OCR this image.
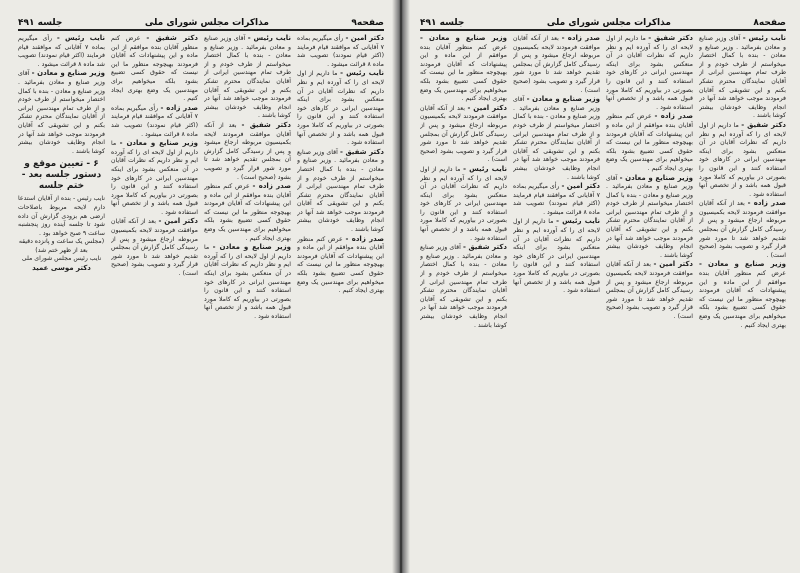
صفحه۸
مذاکرات مجلس شورای ملی
جلسه ۴۹۱

نایب رئیس - آقای وزیر صنایع و معادن بفرمائید . وزیر صنایع و معادن - بنده با کمال اختصار میخواستم از طرف خودم و از طرف تمام مهندسین ایرانی از آقایان نمایندگان محترم تشکر بکنم و این تشویقی که آقایان فرمودند موجب خواهد شد آنها در انجام وظایف خودشان بیشتر کوشا باشند .

دکتر شفیق - ما داریم از اول لایحه ای را که آورده ایم و نظر داریم که نظرات آقایان در آن منعکس بشود برای اینکه مهندسین ایرانی در کارهای خود استفاده کنند و این قانون را بصورتی در بیاوریم که کاملا مورد قبول همه باشد و از تخصص آنها استفاده شود .

صدر زاده - بعد از آنکه آقایان موافقت فرمودند لایحه بکمیسیون مربوطه ارجاع میشود و پس از رسیدگی کامل گزارش آن بمجلس تقدیم خواهد شد تا مورد شور قرار گیرد و تصویب بشود (صحیح است) .

وزیر صنایع و معادن - عرض کنم منظور آقایان بنده موافقم از این ماده و این پیشنهادات که آقایان فرمودند بهیچوجه منظور ما این نیست که حقوق کسی تضییع بشود بلکه میخواهیم برای مهندسین یک وضع بهتری ایجاد کنیم .

دکتر شفیق - ما داریم از اول لایحه ای را که آورده ایم و نظر داریم که نظرات آقایان در آن منعکس بشود برای اینکه مهندسین ایرانی در کارهای خود استفاده کنند و این قانون را بصورتی در بیاوریم که کاملا مورد قبول همه باشد و از تخصص آنها استفاده شود .

صدر زاده - عرض کنم منظور آقایان بنده موافقم از این ماده و این پیشنهادات که آقایان فرمودند بهیچوجه منظور ما این نیست که حقوق کسی تضییع بشود بلکه میخواهیم برای مهندسین یک وضع بهتری ایجاد کنیم .

وزیر صنایع و معادن - آقای وزیر صنایع و معادن بفرمائید . وزیر صنایع و معادن - بنده با کمال اختصار میخواستم از طرف خودم و از طرف تمام مهندسین ایرانی از آقایان نمایندگان محترم تشکر بکنم و این تشویقی که آقایان فرمودند موجب خواهد شد آنها در انجام وظایف خودشان بیشتر کوشا باشند .

دکتر امین - بعد از آنکه آقایان موافقت فرمودند لایحه بکمیسیون مربوطه ارجاع میشود و پس از رسیدگی کامل گزارش آن بمجلس تقدیم خواهد شد تا مورد شور قرار گیرد و تصویب بشود (صحیح است) .

صدر زاده - بعد از آنکه آقایان موافقت فرمودند لایحه بکمیسیون مربوطه ارجاع میشود و پس از رسیدگی کامل گزارش آن بمجلس تقدیم خواهد شد تا مورد شور قرار گیرد و تصویب بشود (صحیح است) .

وزیر صنایع و معادن - آقای وزیر صنایع و معادن بفرمائید . وزیر صنایع و معادن - بنده با کمال اختصار میخواستم از طرف خودم و از طرف تمام مهندسین ایرانی از آقایان نمایندگان محترم تشکر بکنم و این تشویقی که آقایان فرمودند موجب خواهد شد آنها در انجام وظایف خودشان بیشتر کوشا باشند .

دکتر امین - رأی میگیریم بماده ۷ آقایانی که موافقند قیام فرمایند (اکثر قیام نمودند) تصویب شد ماده ۸ قرائت میشود .

نایب رئیس - ما داریم از اول لایحه ای را که آورده ایم و نظر داریم که نظرات آقایان در آن منعکس بشود برای اینکه مهندسین ایرانی در کارهای خود استفاده کنند و این قانون را بصورتی در بیاوریم که کاملا مورد قبول همه باشد و از تخصص آنها استفاده شود .

وزیر صنایع و معادن - عرض کنم منظور آقایان بنده موافقم از این ماده و این پیشنهادات که آقایان فرمودند بهیچوجه منظور ما این نیست که حقوق کسی تضییع بشود بلکه میخواهیم برای مهندسین یک وضع بهتری ایجاد کنیم .

دکتر امین - بعد از آنکه آقایان موافقت فرمودند لایحه بکمیسیون مربوطه ارجاع میشود و پس از رسیدگی کامل گزارش آن بمجلس تقدیم خواهد شد تا مورد شور قرار گیرد و تصویب بشود (صحیح است) .

نایب رئیس - ما داریم از اول لایحه ای را که آورده ایم و نظر داریم که نظرات آقایان در آن منعکس بشود برای اینکه مهندسین ایرانی در کارهای خود استفاده کنند و این قانون را بصورتی در بیاوریم که کاملا مورد قبول همه باشد و از تخصص آنها استفاده شود .

دکتر شفیق - آقای وزیر صنایع و معادن بفرمائید . وزیر صنایع و معادن - بنده با کمال اختصار میخواستم از طرف خودم و از طرف تمام مهندسین ایرانی از آقایان نمایندگان محترم تشکر بکنم و این تشویقی که آقایان فرمودند موجب خواهد شد آنها در انجام وظایف خودشان بیشتر کوشا باشند .

صفحه۹
مذاکرات مجلس شورای ملی
جلسه ۴۹۱

دکتر امین - رأی میگیریم بماده ۷ آقایانی که موافقند قیام فرمایند (اکثر قیام نمودند) تصویب شد ماده ۸ قرائت میشود .

نایب رئیس - ما داریم از اول لایحه ای را که آورده ایم و نظر داریم که نظرات آقایان در آن منعکس بشود برای اینکه مهندسین ایرانی در کارهای خود استفاده کنند و این قانون را بصورتی در بیاوریم که کاملا مورد قبول همه باشد و از تخصص آنها استفاده شود .

دکتر شفیق - آقای وزیر صنایع و معادن بفرمائید . وزیر صنایع و معادن - بنده با کمال اختصار میخواستم از طرف خودم و از طرف تمام مهندسین ایرانی از آقایان نمایندگان محترم تشکر بکنم و این تشویقی که آقایان فرمودند موجب خواهد شد آنها در انجام وظایف خودشان بیشتر کوشا باشند .

صدر زاده - عرض کنم منظور آقایان بنده موافقم از این ماده و این پیشنهادات که آقایان فرمودند بهیچوجه منظور ما این نیست که حقوق کسی تضییع بشود بلکه میخواهیم برای مهندسین یک وضع بهتری ایجاد کنیم .

نایب رئیس - آقای وزیر صنایع و معادن بفرمائید . وزیر صنایع و معادن - بنده با کمال اختصار میخواستم از طرف خودم و از طرف تمام مهندسین ایرانی از آقایان نمایندگان محترم تشکر بکنم و این تشویقی که آقایان فرمودند موجب خواهد شد آنها در انجام وظایف خودشان بیشتر کوشا باشند .

دکتر شفیق - بعد از آنکه آقایان موافقت فرمودند لایحه بکمیسیون مربوطه ارجاع میشود و پس از رسیدگی کامل گزارش آن بمجلس تقدیم خواهد شد تا مورد شور قرار گیرد و تصویب بشود (صحیح است) .

صدر زاده - عرض کنم منظور آقایان بنده موافقم از این ماده و این پیشنهادات که آقایان فرمودند بهیچوجه منظور ما این نیست که حقوق کسی تضییع بشود بلکه میخواهیم برای مهندسین یک وضع بهتری ایجاد کنیم .

وزیر صنایع و معادن - ما داریم از اول لایحه ای را که آورده ایم و نظر داریم که نظرات آقایان در آن منعکس بشود برای اینکه مهندسین ایرانی در کارهای خود استفاده کنند و این قانون را بصورتی در بیاوریم که کاملا مورد قبول همه باشد و از تخصص آنها استفاده شود .

دکتر شفیق - عرض کنم منظور آقایان بنده موافقم از این ماده و این پیشنهادات که آقایان فرمودند بهیچوجه منظور ما این نیست که حقوق کسی تضییع بشود بلکه میخواهیم برای مهندسین یک وضع بهتری ایجاد کنیم .

صدر زاده - رأی میگیریم بماده ۷ آقایانی که موافقند قیام فرمایند (اکثر قیام نمودند) تصویب شد ماده ۸ قرائت میشود .

وزیر صنایع و معادن - ما داریم از اول لایحه ای را که آورده ایم و نظر داریم که نظرات آقایان در آن منعکس بشود برای اینکه مهندسین ایرانی در کارهای خود استفاده کنند و این قانون را بصورتی در بیاوریم که کاملا مورد قبول همه باشد و از تخصص آنها استفاده شود .

دکتر امین - بعد از آنکه آقایان موافقت فرمودند لایحه بکمیسیون مربوطه ارجاع میشود و پس از رسیدگی کامل گزارش آن بمجلس تقدیم خواهد شد تا مورد شور قرار گیرد و تصویب بشود (صحیح است) .

نایب رئیس - رأی میگیریم بماده ۷ آقایانی که موافقند قیام فرمایند (اکثر قیام نمودند) تصویب شد ماده ۸ قرائت میشود .

وزیر صنایع و معادن - آقای وزیر صنایع و معادن بفرمائید . وزیر صنایع و معادن - بنده با کمال اختصار میخواستم از طرف خودم و از طرف تمام مهندسین ایرانی از آقایان نمایندگان محترم تشکر بکنم و این تشویقی که آقایان فرمودند موجب خواهد شد آنها در انجام وظایف خودشان بیشتر کوشا باشند .

۶ - تعیین موقع و دستور جلسه بعد - ختم جلسه

نایب رئیس - بنده از آقایان استدعا دارم لایحه مربوط باصلاحات ارضی هم بزودی گزارش آن داده شود تا جلسه آینده روز پنجشنبه ساعت ۹ صبح خواهد بود .

(مجلس یک ساعت و پانزده دقیقه بعد از ظهر ختم شد)

نایب رئیس مجلس شورای ملی

دکتر موسی عمید
